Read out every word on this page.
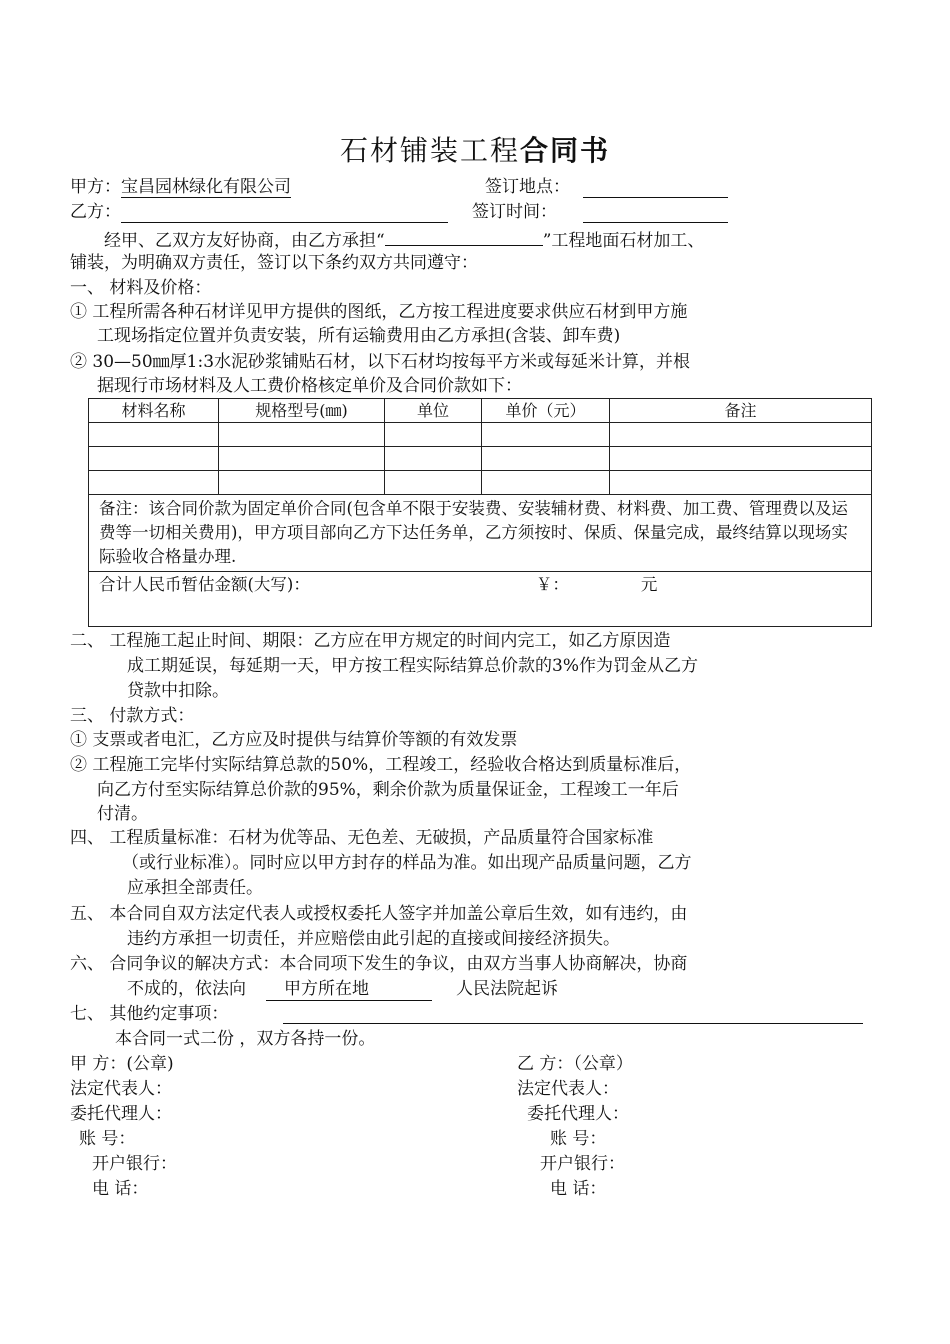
石材铺装工程合同书
甲方：宝昌园林绿化有限公司	签订地点：
乙方：	签订时间：
经甲、乙双方友好协商，由乙方承担“	”工程地面石材加工、
铺装，为明确双方责任，签订以下条约双方共同遵守：
一、 材料及价格：
① 工程所需各种石材详见甲方提供的图纸，乙方按工程进度要求供应石材到甲方施
工现场指定位置并负责安装，所有运输费用由乙方承担(含装、卸车费)
② 30—50㎜厚1:3水泥砂浆铺贴石材，以下石材均按每平方米或每延米计算，并根
据现行市场材料及人工费价格核定单价及合同价款如下：
材料名称	规格型号(㎜)	单位	单价（元）	备注

备注：该合同价款为固定单价合同(包含单不限于安装费、安装辅材费、材料费、加工费、管理费以及运费等一切相关费用)，甲方项目部向乙方下达任务单，乙方须按时、保质、保量完成，最终结算以现场实际验收合格量办理.				
合计人民币暂估金额(大写)： ￥： 元				
二、 工程施工起止时间、期限：乙方应在甲方规定的时间内完工，如乙方原因造
成工期延误，每延期一天，甲方按工程实际结算总价款的3%作为罚金从乙方
贷款中扣除。
三、 付款方式：
① 支票或者电汇，乙方应及时提供与结算价等额的有效发票
② 工程施工完毕付实际结算总款的50%，工程竣工，经验收合格达到质量标准后，
向乙方付至实际结算总价款的95%，剩余价款为质量保证金，工程竣工一年后
付清。
四、 工程质量标准：石材为优等品、无色差、无破损，产品质量符合国家标准
（或行业标准）。同时应以甲方封存的样品为准。如出现产品质量问题，乙方
应承担全部责任。
五、 本合同自双方法定代表人或授权委托人签字并加盖公章后生效，如有违约，由
违约方承担一切责任，并应赔偿由此引起的直接或间接经济损失。
六、 合同争议的解决方式：本合同项下发生的争议，由双方当事人协商解决，协商
不成的，依法向 甲方所在地	人民法院起诉
七、 其他约定事项：
本合同一式二份 ，双方各持一份。
甲 方：(公章)
法定代表人：
委托代理人：
账 号：
开户银行：
电 话：
乙 方：（公章）
法定代表人：
委托代理人：
账 号：
开户银行：
电 话：
